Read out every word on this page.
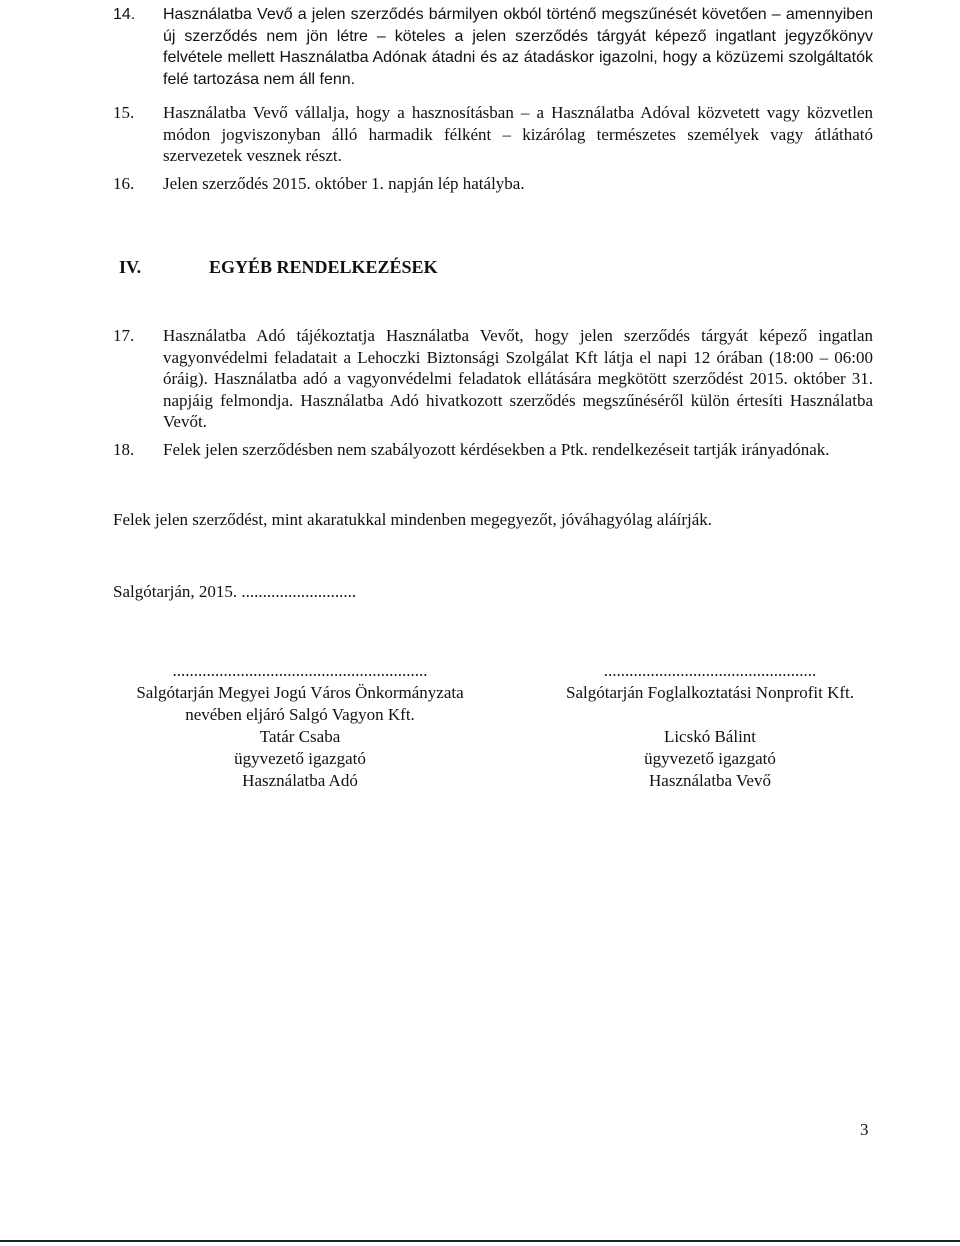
14.	Használatba Vevő a jelen szerződés bármilyen okból történő megszűnését követően – amennyiben új szerződés nem jön létre – köteles a jelen szerződés tárgyát képező ingatlant jegyzőkönyv felvétele mellett Használatba Adónak átadni és az átadáskor igazolni, hogy a közüzemi szolgáltatók felé tartozása nem áll fenn.
15.	Használatba Vevő vállalja, hogy a hasznosításban – a Használatba Adóval közvetett vagy közvetlen módon jogviszonyban álló harmadik félként – kizárólag természetes személyek vagy átlátható szervezetek vesznek részt.
16.	Jelen szerződés 2015. október 1. napján lép hatályba.
IV.	EGYÉB RENDELKEZÉSEK
17.	Használatba Adó tájékoztatja Használatba Vevőt, hogy jelen szerződés tárgyát képező ingatlan vagyonvédelmi feladatait a Lehoczki Biztonsági Szolgálat Kft látja el napi 12 órában (18:00 – 06:00 óráig). Használatba adó a vagyonvédelmi feladatok ellátására megkötött szerződést 2015. október 31. napjáig felmondja. Használatba Adó hivatkozott szerződés megszűnéséről külön értesíti Használatba Vevőt.
18.	Felek jelen szerződésben nem szabályozott kérdésekben a Ptk. rendelkezéseit tartják irányadónak.
Felek jelen szerződést, mint akaratukkal mindenben megegyezőt, jóváhagyólag aláírják.
Salgótarján, 2015. ...........................
............................................................
Salgótarján Megyei Jogú Város Önkormányzata
nevében eljáró Salgó Vagyon Kft.
Tatár Csaba
ügyvezető igazgató
Használatba Adó
..................................................
Salgótarján Foglalkoztatási Nonprofit Kft.
Licskó Bálint
ügyvezető igazgató
Használatba Vevő
3
